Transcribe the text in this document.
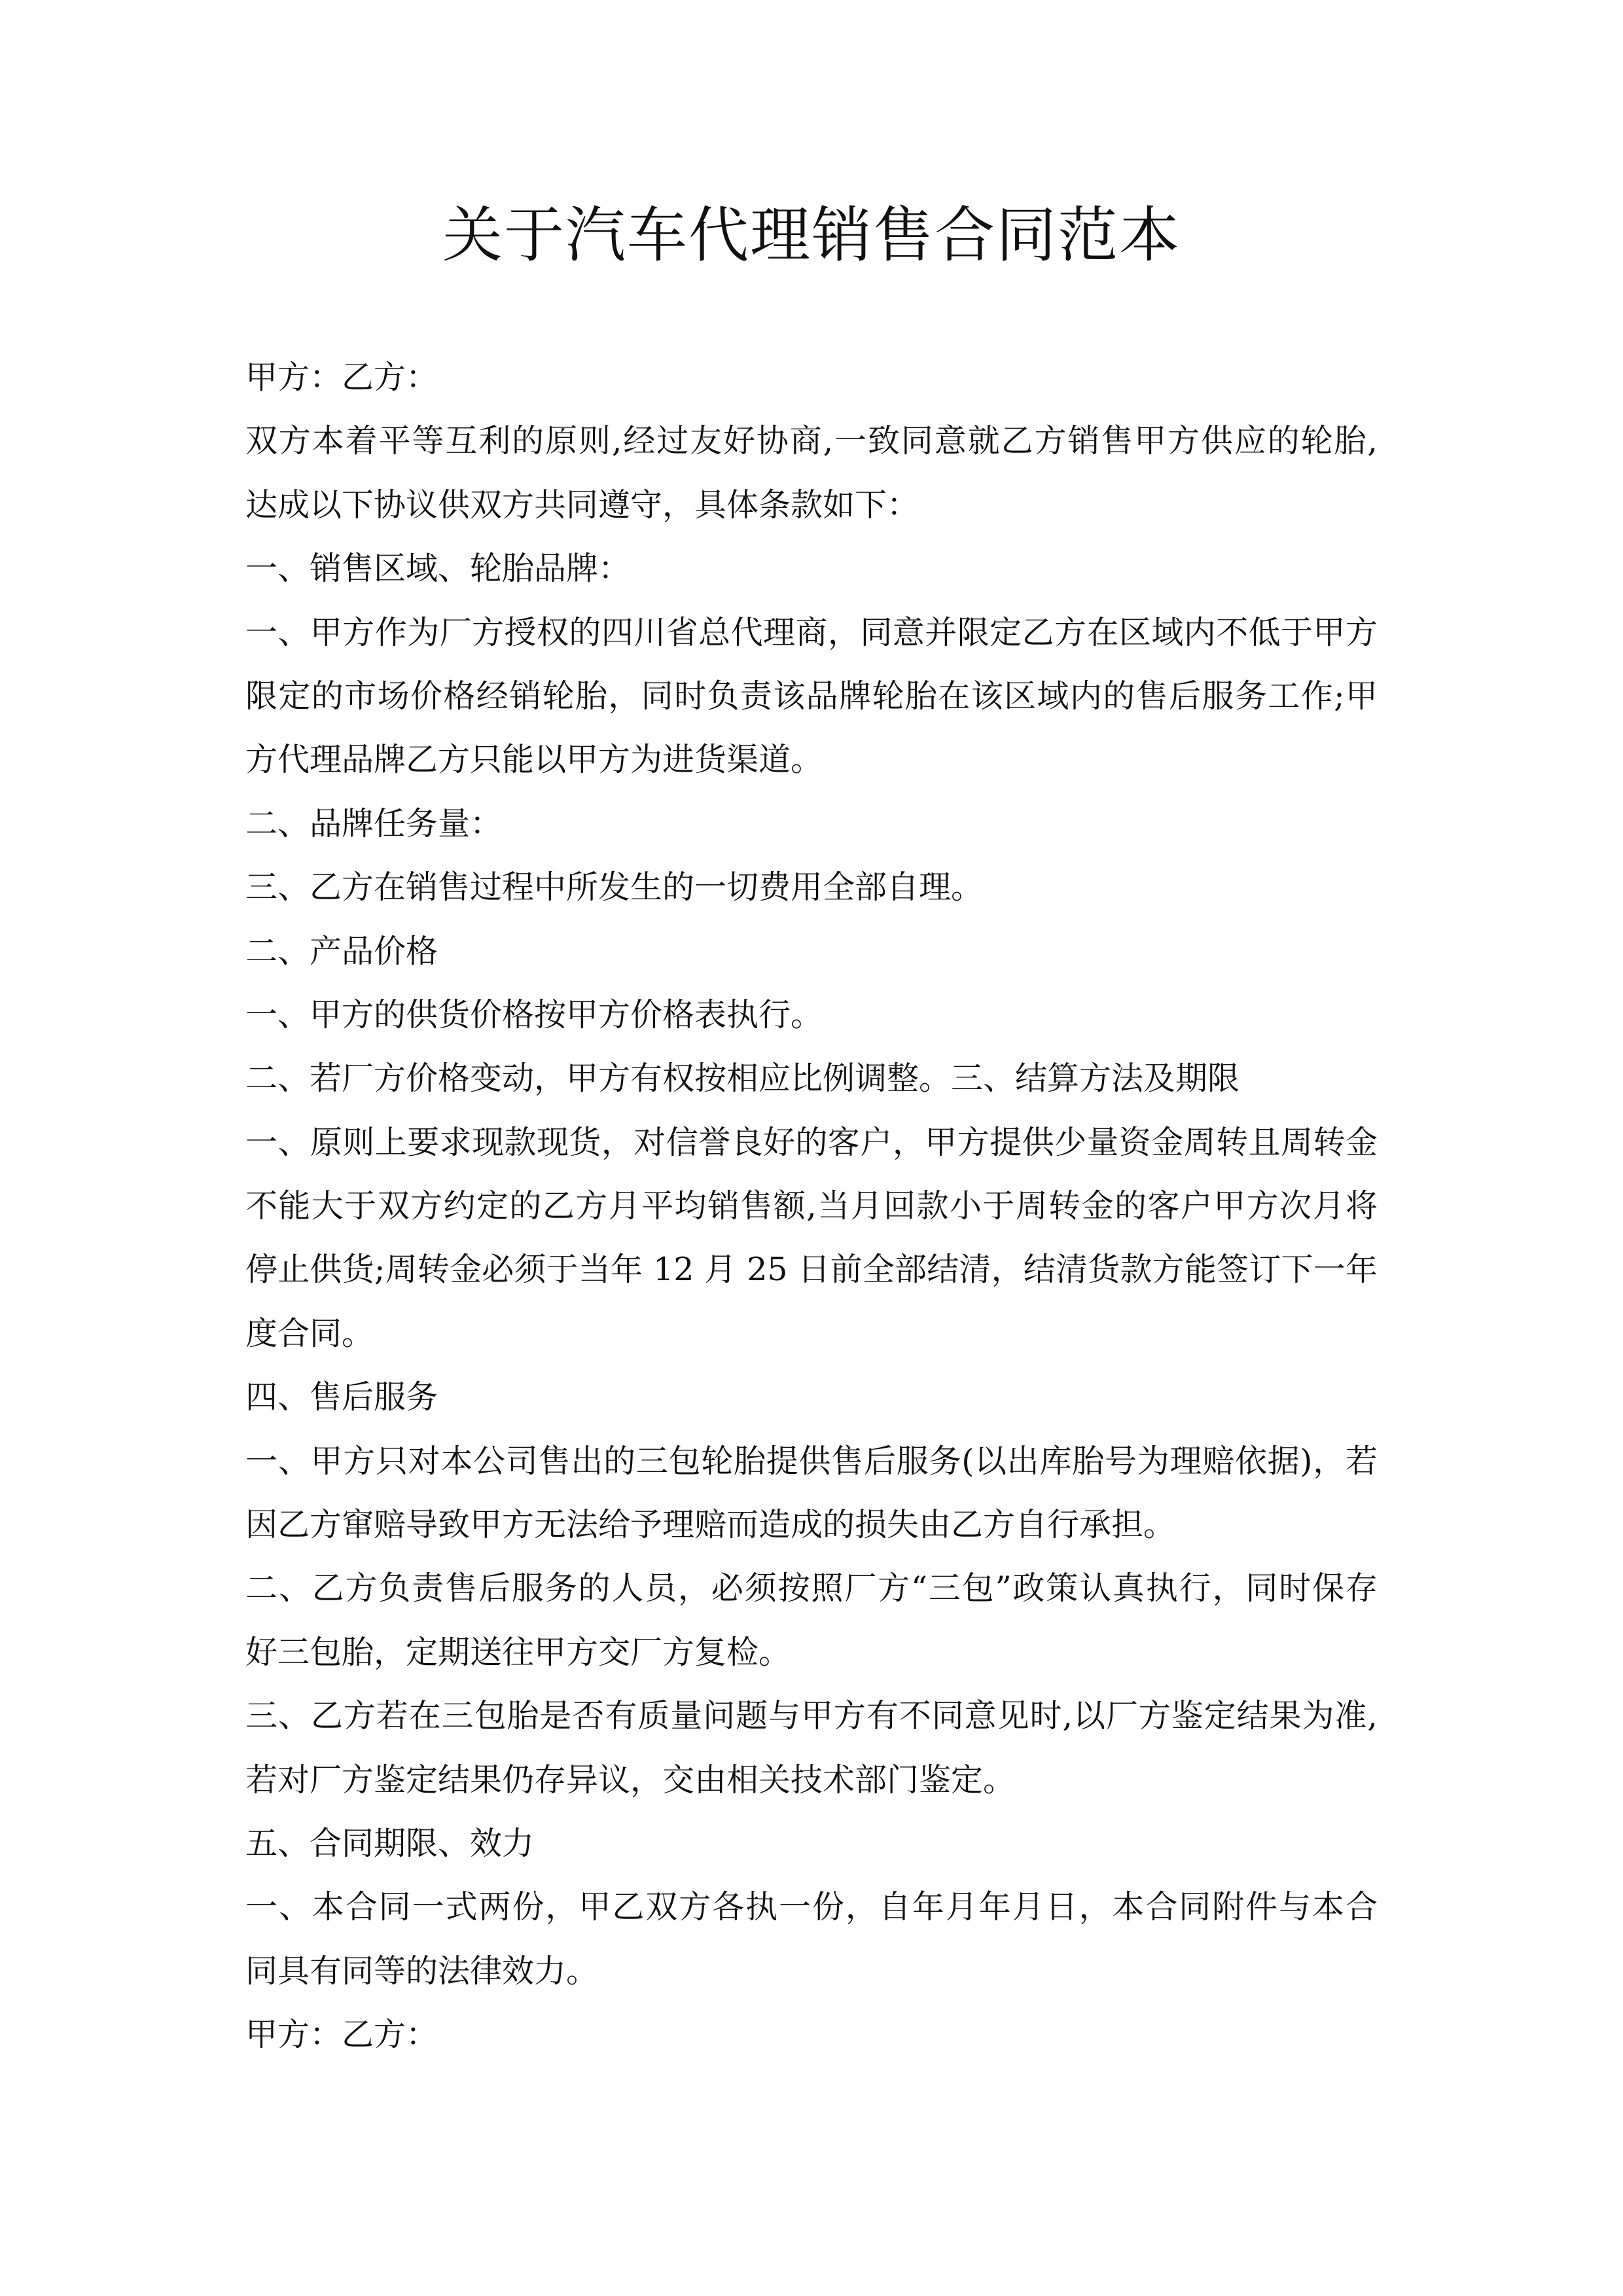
关于汽车代理销售合同范本
甲方：乙方：
双方本着平等互利的原则,经过友好协商,一致同意就乙方销售甲方供应的轮胎,
达成以下协议供双方共同遵守，具体条款如下：
一、销售区域、轮胎品牌：
一、甲方作为厂方授权的四川省总代理商，同意并限定乙方在区域内不低于甲方
限定的市场价格经销轮胎，同时负责该品牌轮胎在该区域内的售后服务工作;甲
方代理品牌乙方只能以甲方为进货渠道。
二、品牌任务量：
三、乙方在销售过程中所发生的一切费用全部自理。
二、产品价格
一、甲方的供货价格按甲方价格表执行。
二、若厂方价格变动，甲方有权按相应比例调整。三、结算方法及期限
一、原则上要求现款现货，对信誉良好的客户，甲方提供少量资金周转且周转金
不能大于双方约定的乙方月平均销售额,当月回款小于周转金的客户甲方次月将
停止供货;周转金必须于当年 12 月 25 日前全部结清，结清货款方能签订下一年
度合同。
四、售后服务
一、甲方只对本公司售出的三包轮胎提供售后服务(以出库胎号为理赔依据)，若
因乙方窜赔导致甲方无法给予理赔而造成的损失由乙方自行承担。
二、乙方负责售后服务的人员，必须按照厂方“三包”政策认真执行，同时保存
好三包胎，定期送往甲方交厂方复检。
三、乙方若在三包胎是否有质量问题与甲方有不同意见时,以厂方鉴定结果为准,
若对厂方鉴定结果仍存异议，交由相关技术部门鉴定。
五、合同期限、效力
一、本合同一式两份，甲乙双方各执一份，自年月年月日，本合同附件与本合
同具有同等的法律效力。
甲方：乙方：
